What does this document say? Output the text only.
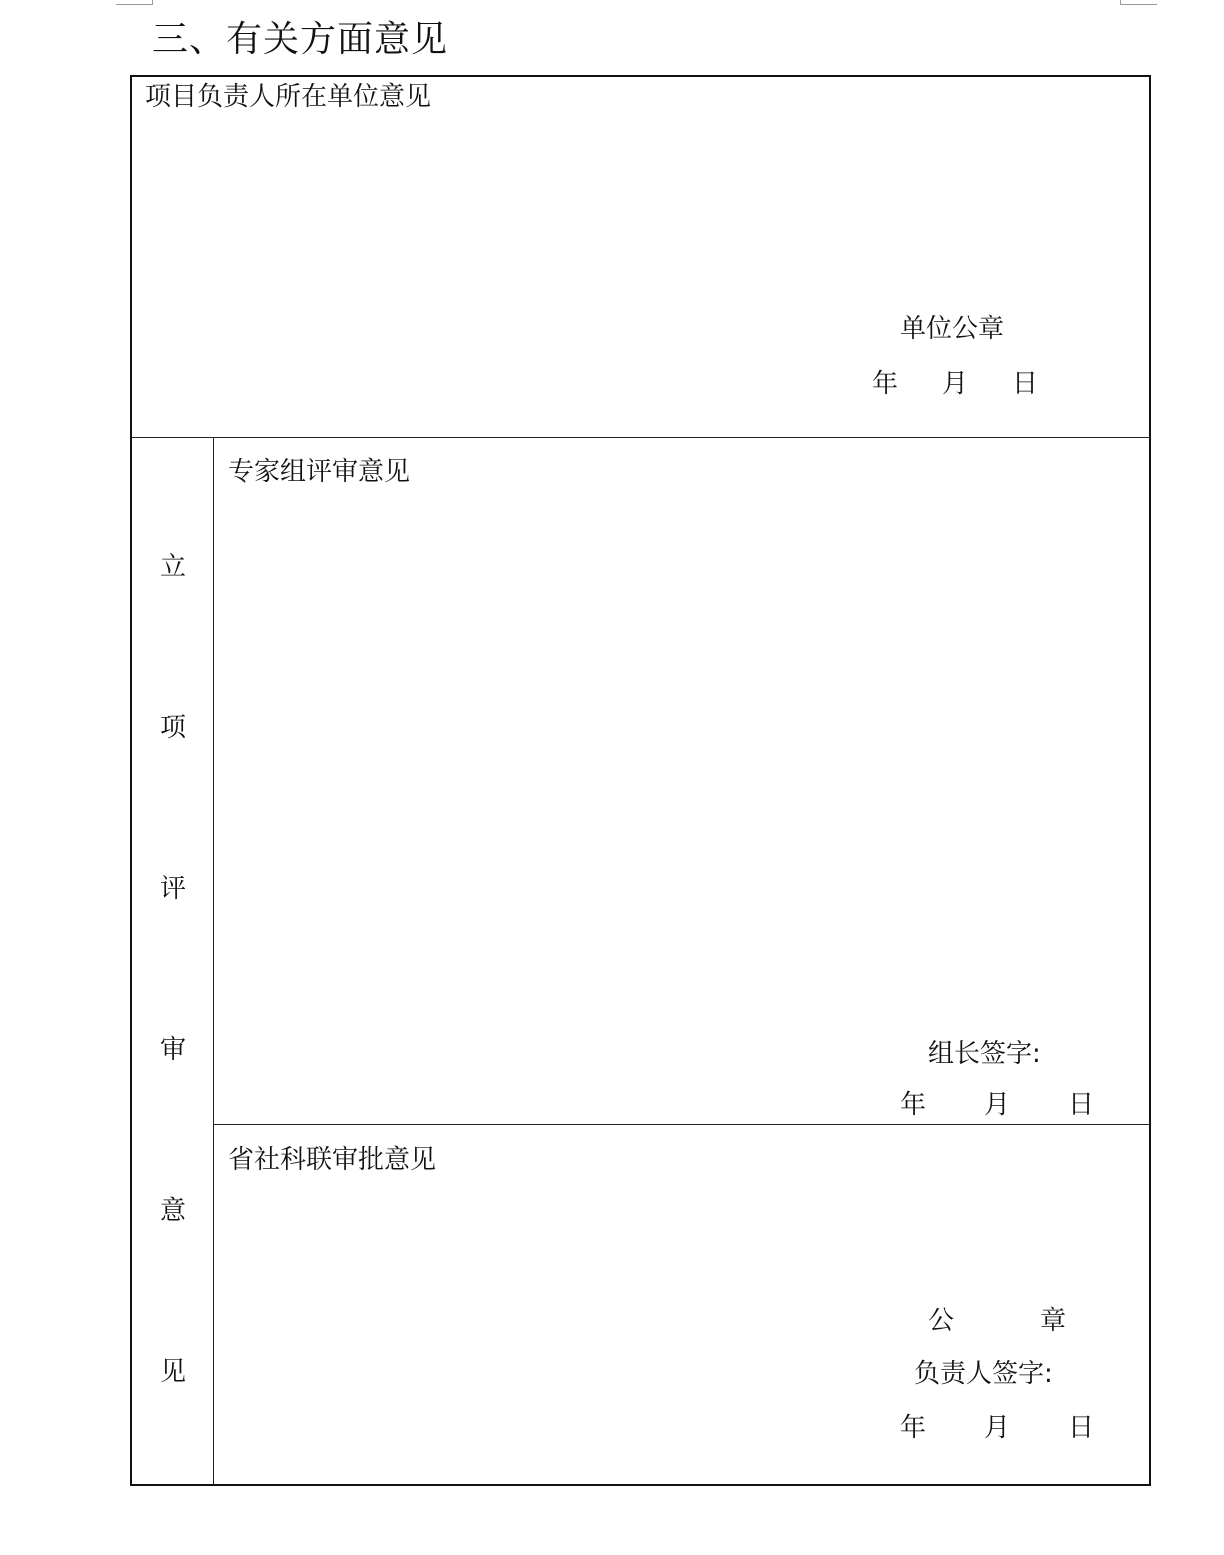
三、有关方面意见
项目负责人所在单位意见
单位公章
年 月 日
立
项
评
审
意
见
专家组评审意见
组长签字:
年 月 日
省社科联审批意见
公	章
负责人签字:
年 月 日
